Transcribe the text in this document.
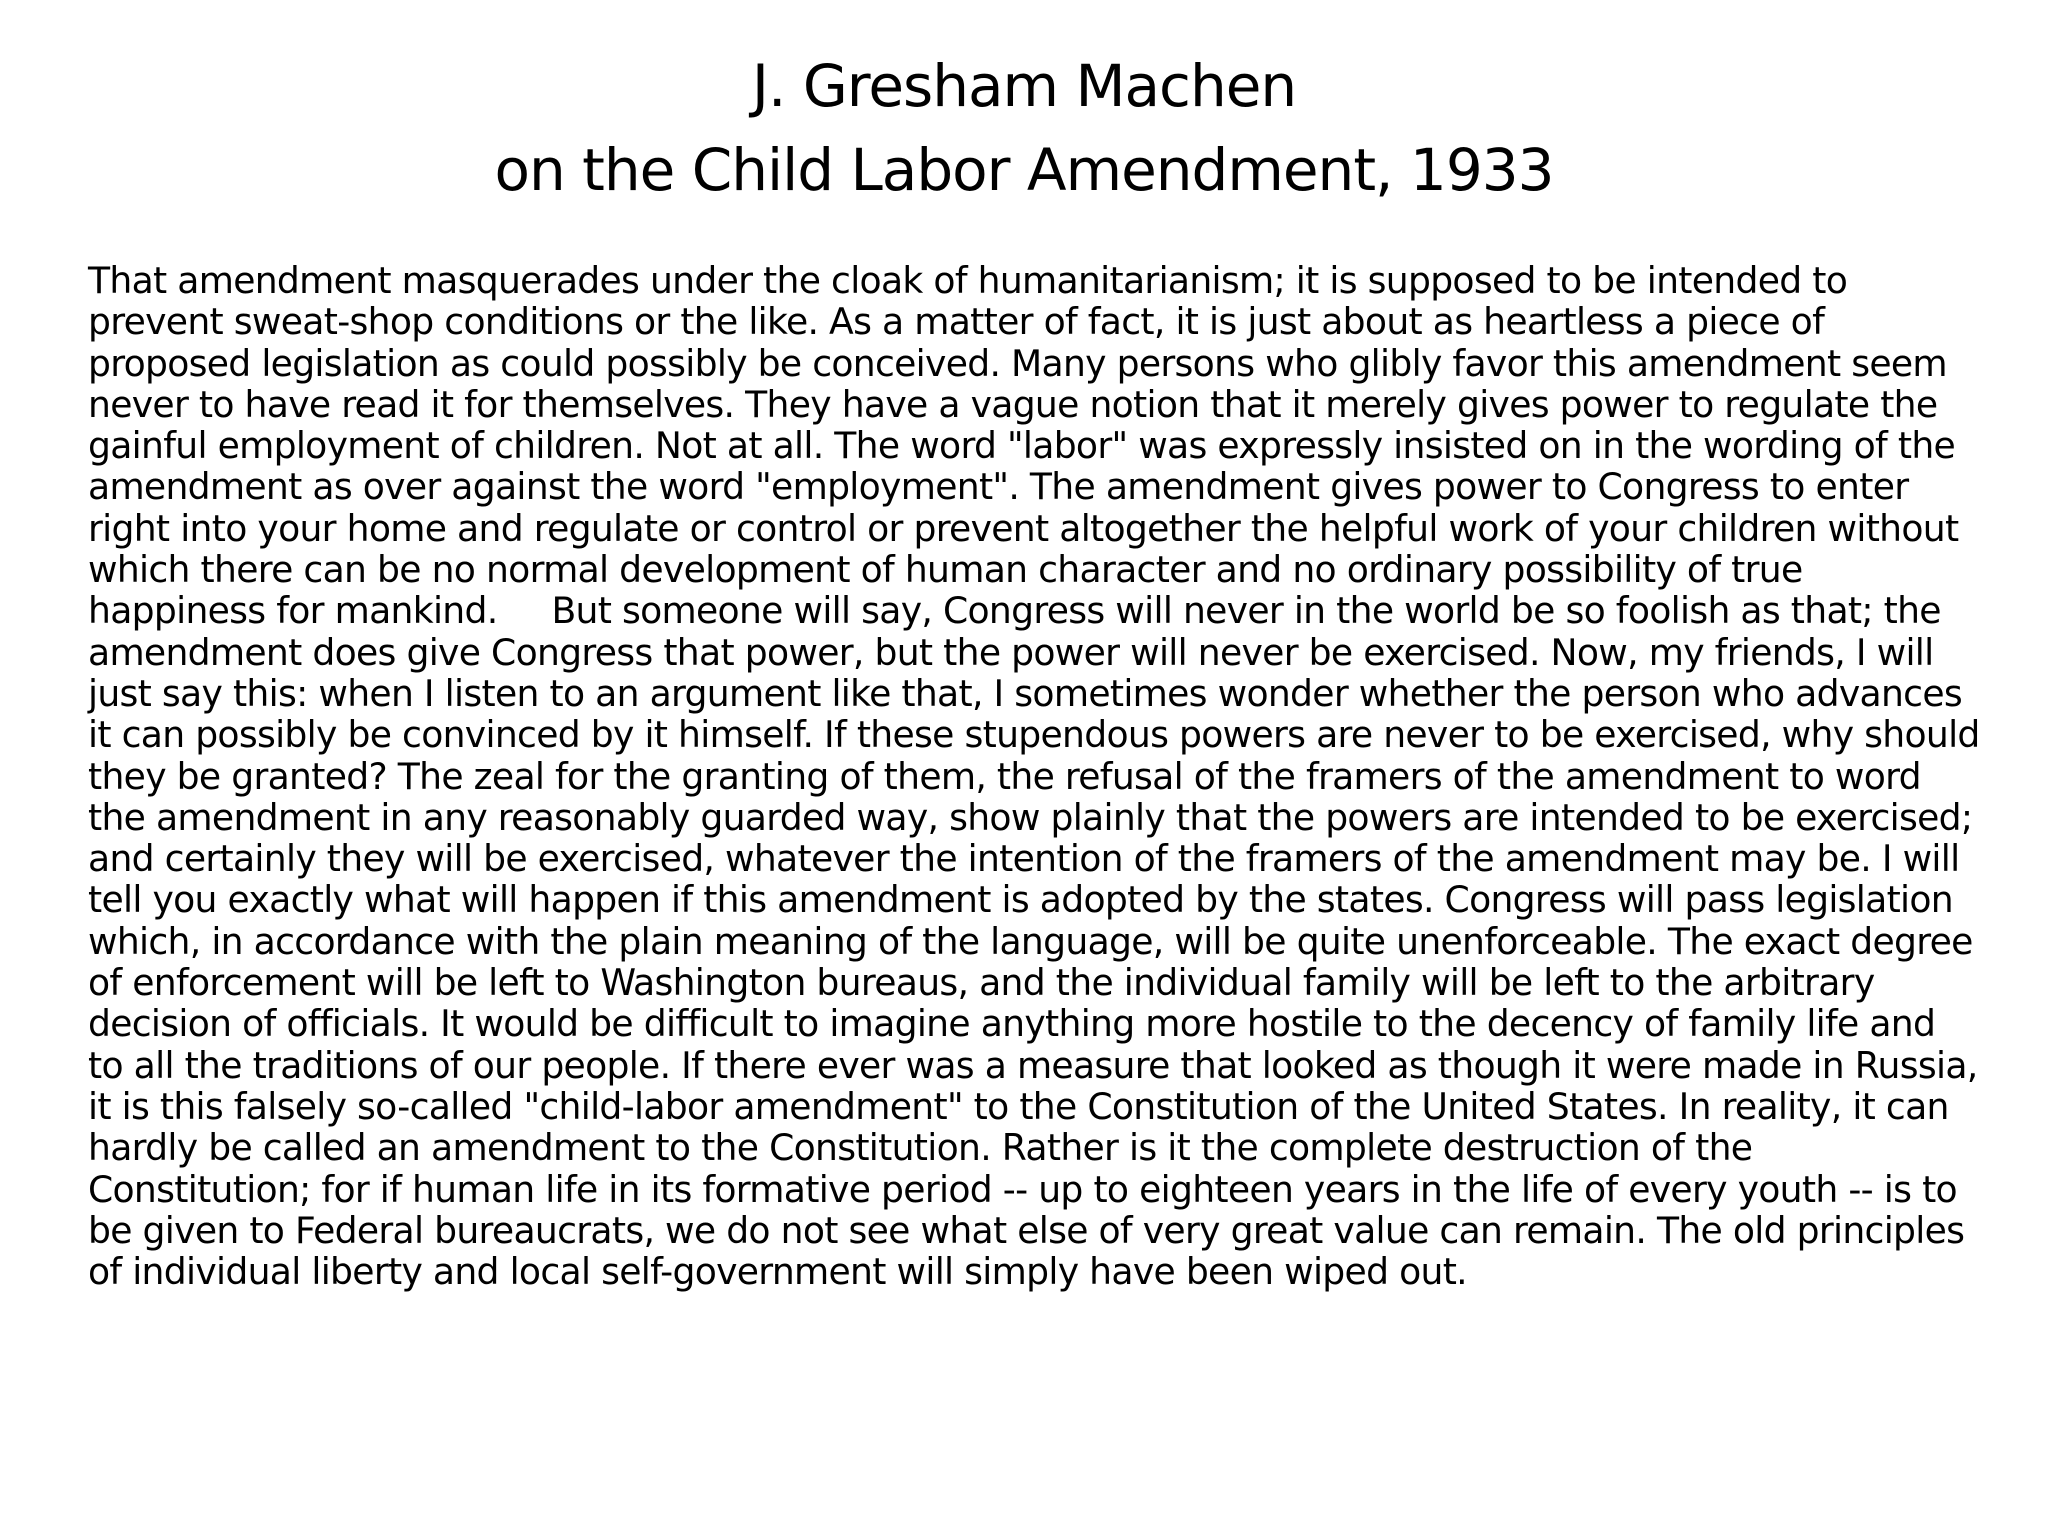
J. Gresham Machen
on the Child Labor Amendment, 1933
That amendment masquerades under the cloak of humanitarianism; it is supposed to be intended to
prevent sweat-shop conditions or the like. As a matter of fact, it is just about as heartless a piece of
proposed legislation as could possibly be conceived. Many persons who glibly favor this amendment seem
never to have read it for themselves. They have a vague notion that it merely gives power to regulate the
gainful employment of children. Not at all. The word "labor" was expressly insisted on in the wording of the
amendment as over against the word "employment". The amendment gives power to Congress to enter
right into your home and regulate or control or prevent altogether the helpful work of your children without
which there can be no normal development of human character and no ordinary possibility of true
happiness for mankind.     But someone will say, Congress will never in the world be so foolish as that; the
amendment does give Congress that power, but the power will never be exercised. Now, my friends, I will
just say this: when I listen to an argument like that, I sometimes wonder whether the person who advances
it can possibly be convinced by it himself. If these stupendous powers are never to be exercised, why should
they be granted? The zeal for the granting of them, the refusal of the framers of the amendment to word
the amendment in any reasonably guarded way, show plainly that the powers are intended to be exercised;
and certainly they will be exercised, whatever the intention of the framers of the amendment may be. I will
tell you exactly what will happen if this amendment is adopted by the states. Congress will pass legislation
which, in accordance with the plain meaning of the language, will be quite unenforceable. The exact degree
of enforcement will be left to Washington bureaus, and the individual family will be left to the arbitrary
decision of officials. It would be difficult to imagine anything more hostile to the decency of family life and
to all the traditions of our people. If there ever was a measure that looked as though it were made in Russia,
it is this falsely so-called "child-labor amendment" to the Constitution of the United States. In reality, it can
hardly be called an amendment to the Constitution. Rather is it the complete destruction of the
Constitution; for if human life in its formative period -- up to eighteen years in the life of every youth -- is to
be given to Federal bureaucrats, we do not see what else of very great value can remain. The old principles
of individual liberty and local self-government will simply have been wiped out.
